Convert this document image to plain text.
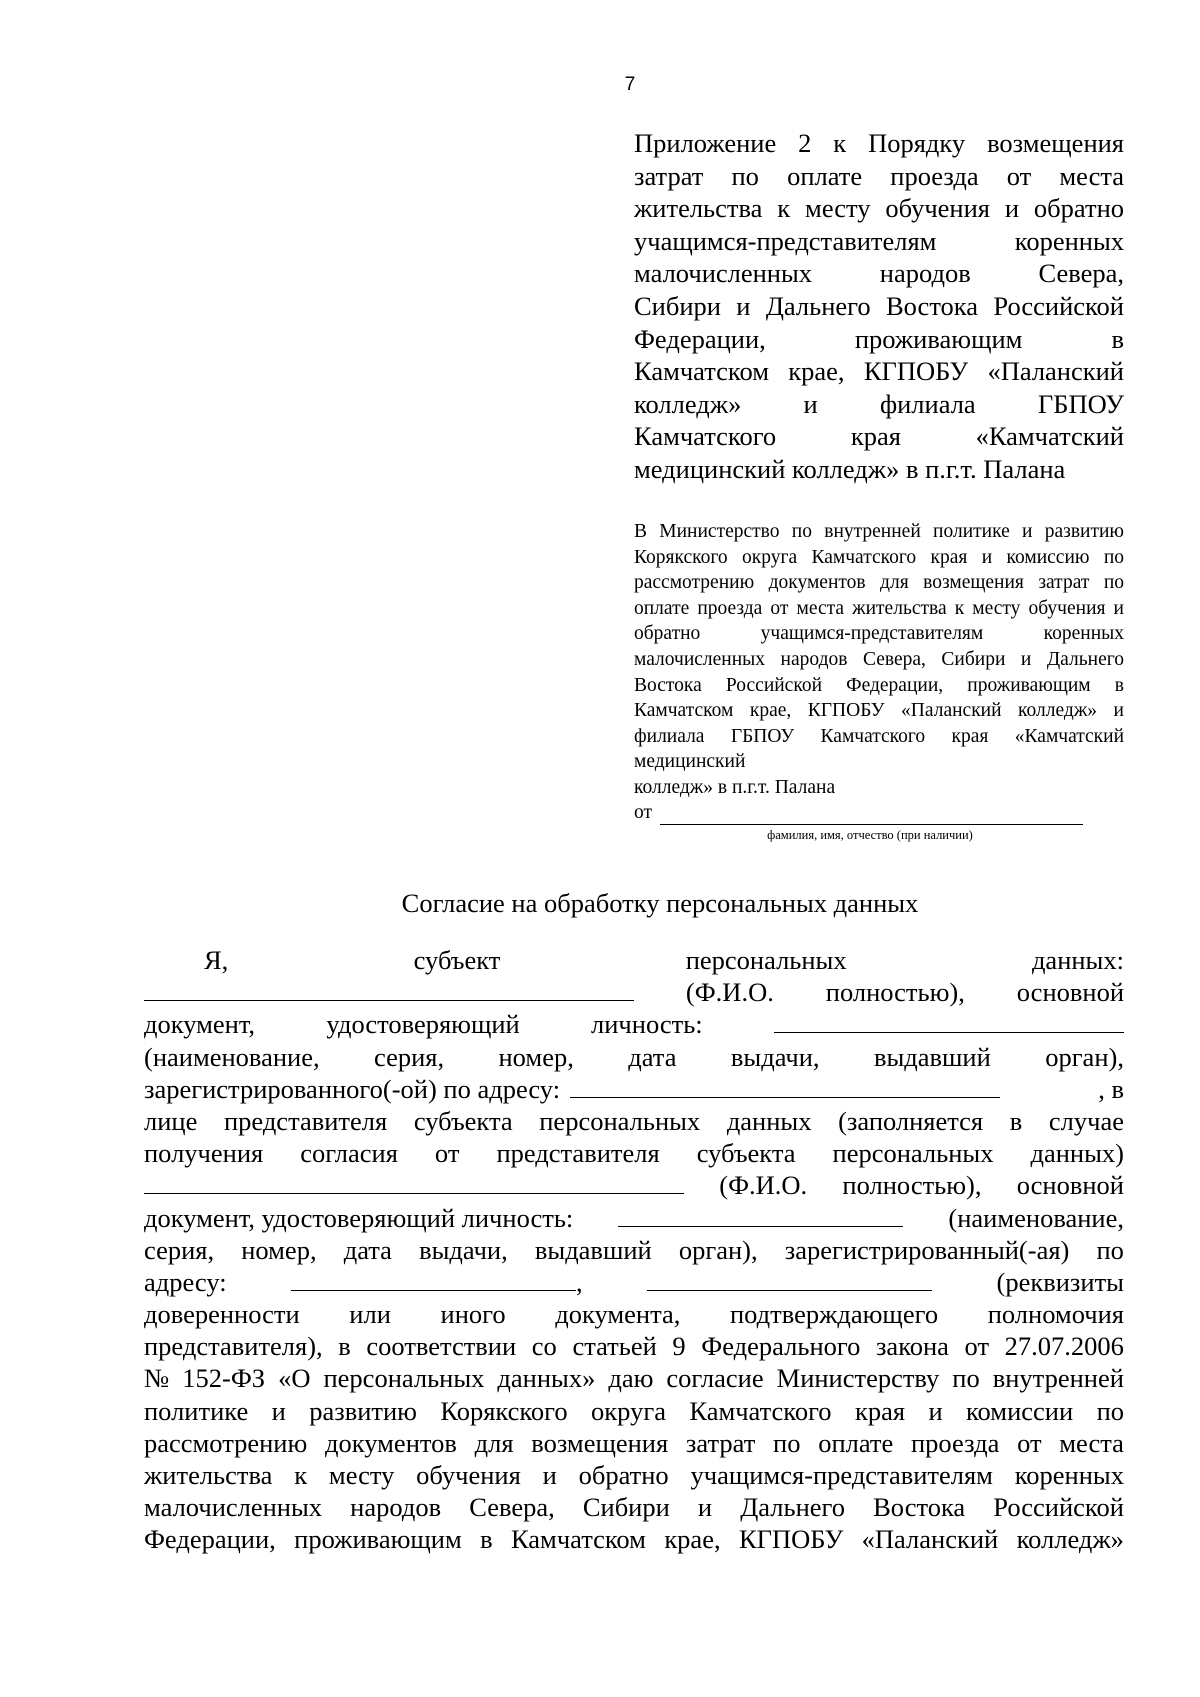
7
Приложение 2 к Порядку возмещения
затрат по оплате проезда от места
жительства к месту обучения и обратно
учащимся-представителям коренных
малочисленных народов Севера,
Сибири и Дальнего Востока Российской
Федерации, проживающим в
Камчатском крае, КГПОБУ «Паланский
колледж» и филиала ГБПОУ
Камчатского края «Камчатский
медицинский колледж» в п.г.т. Палана
В Министерство по внутренней политике и развитию Корякского округа Камчатского края и комиссию по рассмотрению документов для возмещения затрат по оплате проезда от места жительства к месту обучения и обратно учащимся-представителям коренных малочисленных народов Севера, Сибири и Дальнего Востока Российской Федерации, проживающим в Камчатском крае, КГПОБУ «Паланский колледж» и филиала ГБПОУ Камчатского края «Камчатский медицинский
колледж» в п.г.т. Палана
от
фамилия, имя, отчество (при наличии)
Согласие на обработку персональных данных
Я,	субъект	персональных	данных:
(Ф.И.О. полностью), основной
документ,	удостоверяющий	личность:
(наименование, серия, номер, дата выдачи, выдавший орган),
зарегистрированного(-ой) по адресу:	, в
лице представителя субъекта персональных данных (заполняется в случае
получения согласия от представителя субъекта персональных данных)
(Ф.И.О. полностью), основной
документ, удостоверяющий личность:	(наименование,
серия, номер, дата выдачи, выдавший орган), зарегистрированный(-ая) по
адресу:	,	(реквизиты
доверенности или иного документа, подтверждающего полномочия
представителя), в соответствии со статьей 9 Федерального закона от 27.07.2006
№ 152-ФЗ «О персональных данных» даю согласие Министерству по внутренней
политике и развитию Корякского округа Камчатского края и комиссии по
рассмотрению документов для возмещения затрат по оплате проезда от места
жительства к месту обучения и обратно учащимся-представителям коренных
малочисленных народов Севера, Сибири и Дальнего Востока Российской
Федерации, проживающим в Камчатском крае, КГПОБУ «Паланский колледж»
